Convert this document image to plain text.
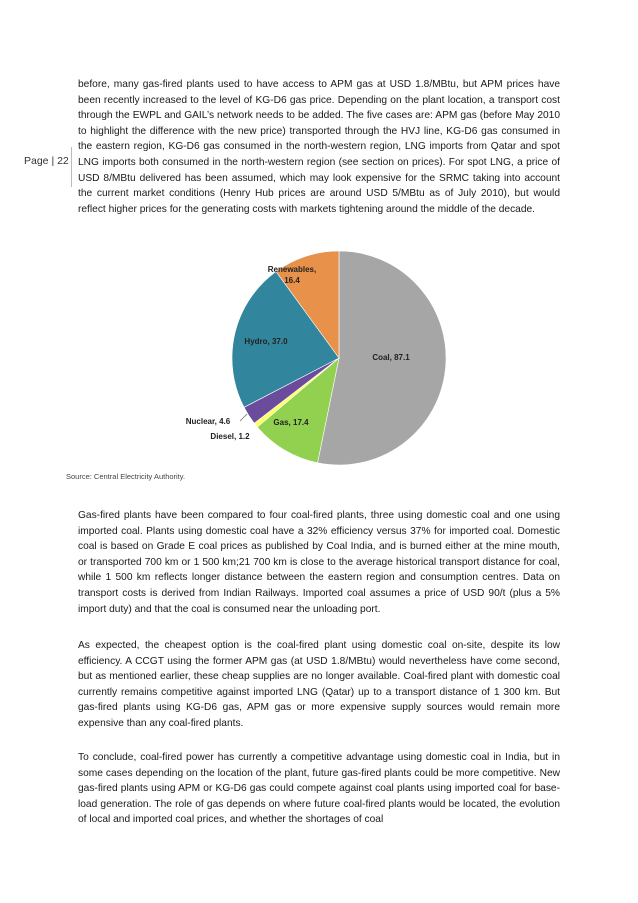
Page | 22

before, many gas-fired plants used to have access to APM gas at USD 1.8/MBtu, but APM prices have been recently increased to the level of KG-D6 gas price. Depending on the plant location, a transport cost through the EWPL and GAIL’s network needs to be added. The five cases are: APM gas (before May 2010 to highlight the difference with the new price) transported through the HVJ line, KG-D6 gas consumed in the eastern region, KG-D6 gas consumed in the north-western region, LNG imports from Qatar and spot LNG imports both consumed in the north-western region (see section on prices). For spot LNG, a price of USD 8/MBtu delivered has been assumed, which may look expensive for the SRMC taking into account the current market conditions (Henry Hub prices are around USD 5/MBtu as of July 2010), but would reflect higher prices for the generating costs with markets tightening around the middle of the decade.

Coal, 87.1
Gas, 17.4
Diesel, 1.2
Nuclear, 4.6
Hydro, 37.0
Renewables, 16.4

Source: Central Electricity Authority.

Gas-fired plants have been compared to four coal-fired plants, three using domestic coal and one using imported coal. Plants using domestic coal have a 32% efficiency versus 37% for imported coal. Domestic coal is based on Grade E coal prices as published by Coal India, and is burned either at the mine mouth, or transported 700 km or 1 500 km;21 700 km is close to the average historical transport distance for coal, while 1 500 km reflects longer distance between the eastern region and consumption centres. Data on transport costs is derived from Indian Railways. Imported coal assumes a price of USD 90/t (plus a 5% import duty) and that the coal is consumed near the unloading port.

As expected, the cheapest option is the coal-fired plant using domestic coal on-site, despite its low efficiency. A CCGT using the former APM gas (at USD 1.8/MBtu) would nevertheless have come second, but as mentioned earlier, these cheap supplies are no longer available. Coal-fired plant with domestic coal currently remains competitive against imported LNG (Qatar) up to a transport distance of 1 300 km. But gas-fired plants using KG-D6 gas, APM gas or more expensive supply sources would remain more expensive than any coal-fired plants.

To conclude, coal-fired power has currently a competitive advantage using domestic coal in India, but in some cases depending on the location of the plant, future gas-fired plants could be more competitive. New gas-fired plants using APM or KG-D6 gas could compete against coal plants using imported coal for base-load generation. The role of gas depends on where future coal-fired plants would be located, the evolution of local and imported coal prices, and whether the shortages of coal
